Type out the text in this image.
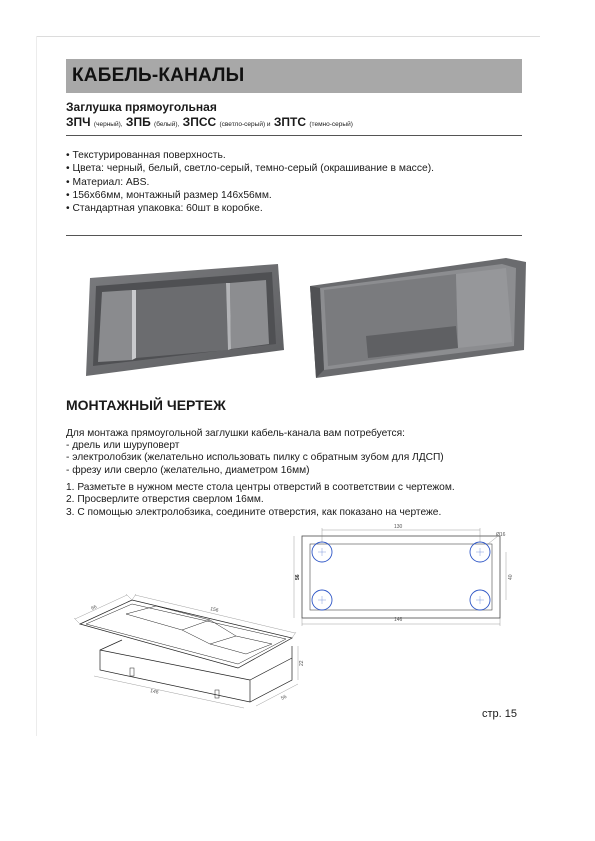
КАБЕЛЬ-КАНАЛЫ
Заглушка прямоугольная
ЗПЧ (черный), ЗПБ (белый), ЗПСС (светло-серый) и ЗПТС (темно-серый)
• Текстурированная поверхность.
• Цвета: черный, белый, светло-серый, темно-серый (окрашивание в массе).
• Материал: ABS.
• 156х66мм, монтажный размер 146х56мм.
• Стандартная упаковка: 60шт в коробке.
МОНТАЖНЫЙ ЧЕРТЕЖ
Для монтажа прямоугольной заглушки кабель-канала вам потребуется:
- дрель или шуруповерт
- электролобзик (желательно использовать пилку с обратным зубом для ЛДСП)
- фрезу или сверло (желательно, диаметром 16мм)
1. Разметьте в нужном месте стола центры отверстий в соответствии с чертежом.
2. Просверлите отверстия сверлом 16мм.
3. С помощью электролобзика, соедините отверстия, как показано на чертеже.
66	156
146
56
22
130
Ø16
56	40
146
стр. 15
